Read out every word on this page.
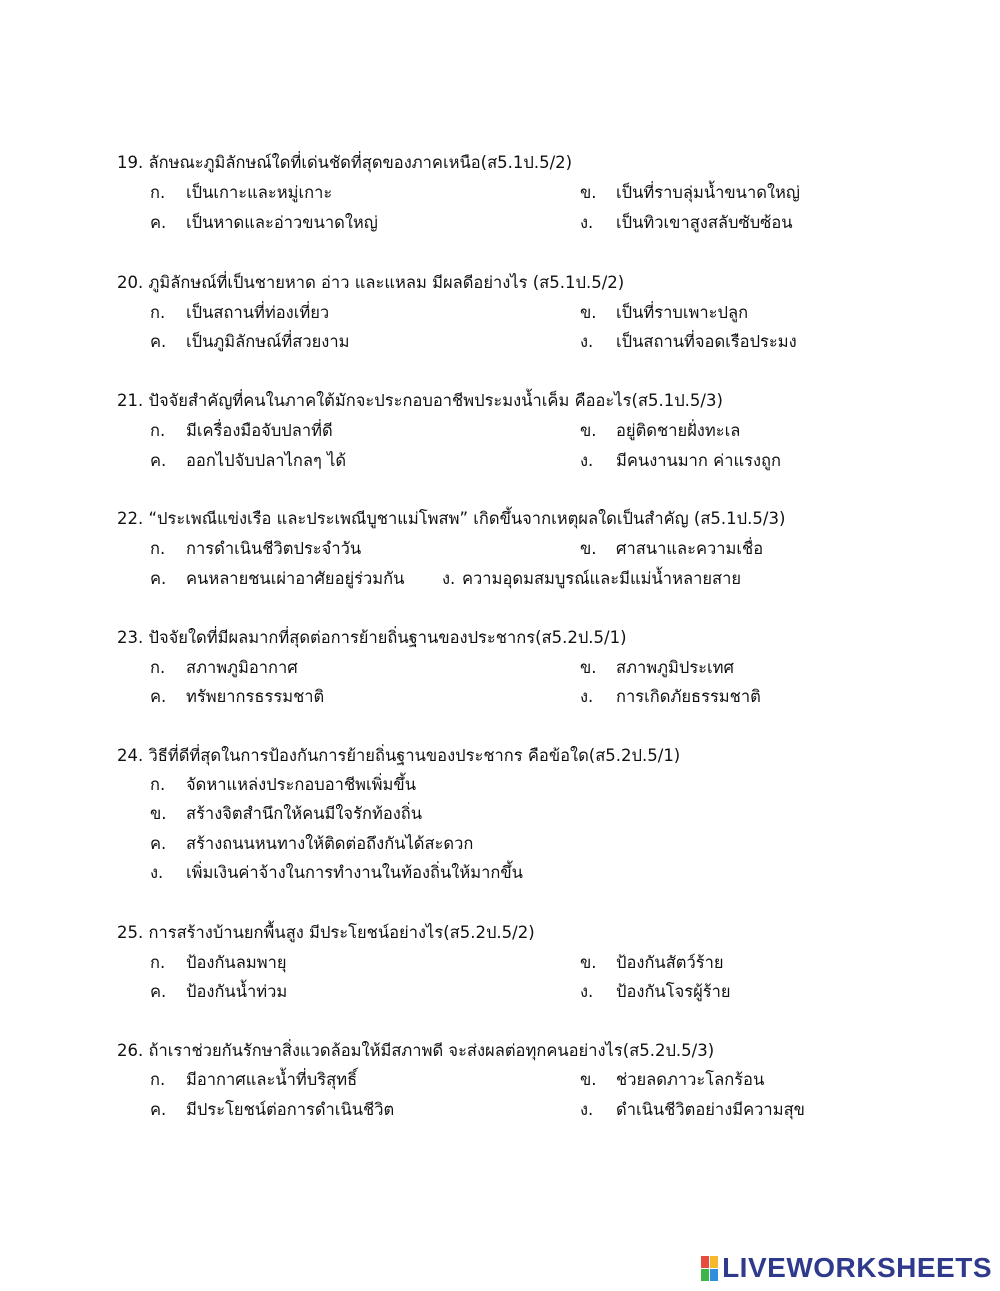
19. ลักษณะภูมิลักษณ์ใดที่เด่นชัดที่สุดของภาคเหนือ(ส5.1ป.5/2)
ก. เป็นเกาะและหมู่เกาะ	ข. เป็นที่ราบลุ่มน้ำขนาดใหญ่
ค. เป็นหาดและอ่าวขนาดใหญ่	ง. เป็นทิวเขาสูงสลับซับซ้อน
20. ภูมิลักษณ์ที่เป็นชายหาด อ่าว และแหลม มีผลดีอย่างไร (ส5.1ป.5/2)
ก. เป็นสถานที่ท่องเที่ยว	ข. เป็นที่ราบเพาะปลูก
ค. เป็นภูมิลักษณ์ที่สวยงาม	ง. เป็นสถานที่จอดเรือประมง
21. ปัจจัยสำคัญที่คนในภาคใต้มักจะประกอบอาชีพประมงน้ำเค็ม คืออะไร(ส5.1ป.5/3)
ก. มีเครื่องมือจับปลาที่ดี	ข. อยู่ติดชายฝั่งทะเล
ค. ออกไปจับปลาไกลๆ ได้	ง. มีคนงานมาก ค่าแรงถูก
22. “ประเพณีแข่งเรือ และประเพณีบูชาแม่โพสพ” เกิดขึ้นจากเหตุผลใดเป็นสำคัญ (ส5.1ป.5/3)
ก. การดำเนินชีวิตประจำวัน	ข. ศาสนาและความเชื่อ
ค. คนหลายชนเผ่าอาศัยอยู่ร่วมกัน ง. ความอุดมสมบูรณ์และมีแม่น้ำหลายสาย
23. ปัจจัยใดที่มีผลมากที่สุดต่อการย้ายถิ่นฐานของประชากร(ส5.2ป.5/1)
ก. สภาพภูมิอากาศ	ข. สภาพภูมิประเทศ
ค. ทรัพยากรธรรมชาติ	ง. การเกิดภัยธรรมชาติ
24. วิธีที่ดีที่สุดในการป้องกันการย้ายถิ่นฐานของประชากร คือข้อใด(ส5.2ป.5/1)
ก. จัดหาแหล่งประกอบอาชีพเพิ่มขึ้น
ข. สร้างจิตสำนึกให้คนมีใจรักท้องถิ่น
ค. สร้างถนนหนทางให้ติดต่อถึงกันได้สะดวก
ง. เพิ่มเงินค่าจ้างในการทำงานในท้องถิ่นให้มากขึ้น
25. การสร้างบ้านยกพื้นสูง มีประโยชน์อย่างไร(ส5.2ป.5/2)
ก. ป้องกันลมพายุ	ข. ป้องกันสัตว์ร้าย
ค. ป้องกันน้ำท่วม	ง. ป้องกันโจรผู้ร้าย
26. ถ้าเราช่วยกันรักษาสิ่งแวดล้อมให้มีสภาพดี จะส่งผลต่อทุกคนอย่างไร(ส5.2ป.5/3)
ก. มีอากาศและน้ำที่บริสุทธิ์	ข. ช่วยลดภาวะโลกร้อน
ค. มีประโยชน์ต่อการดำเนินชีวิต	ง. ดำเนินชีวิตอย่างมีความสุข
LIVEWORKSHEETS
